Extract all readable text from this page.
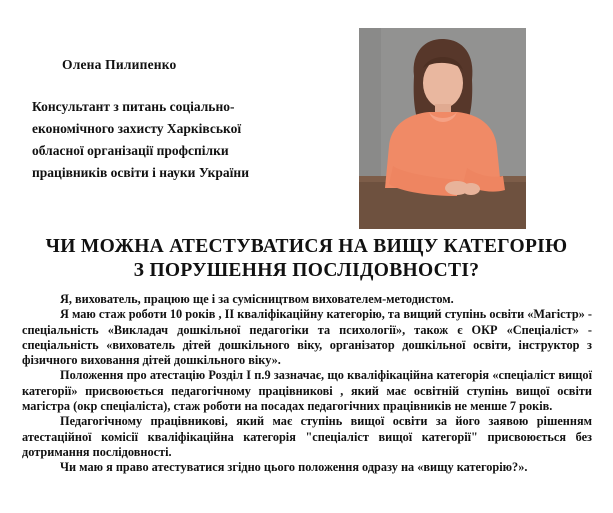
Олена Пилипенко
Консультант з питань соціально-економічного захисту Харківської обласної організації профспілки працівників освіти і науки України
ЧИ МОЖНА АТЕСТУВАТИСЯ НА ВИЩУ КАТЕГОРІЮ
З ПОРУШЕННЯ ПОСЛІДОВНОСТІ?

Я, вихователь, працюю ще і за сумісництвом вихователем-методистом.

Я маю стаж роботи 10 років , ІІ кваліфікаційну категорію, та вищий ступінь освіти «Магістр» - спеціальність «Викладач дошкільної педагогіки та психології», також є ОКР «Спеціаліст» - спеціальність «вихователь дітей дошкільного віку, організатор дошкільної освіти, інструктор з фізичного виховання дітей дошкільного віку».

Положення про атестацію Розділ І п.9 зазначає, що кваліфікаційна категорія «спеціаліст вищої категорії» присвоюється педагогічному працівникові , який має освітній ступінь вищої освіти магістра (окр спеціаліста), стаж роботи на посадах педагогічних працівників не менше 7 років.

Педагогічному працівникові, який має ступінь вищої освіти за його заявою рішенням атестаційної комісії кваліфікаційна категорія "спеціаліст вищої категорії" присвоюється без дотримання послідовності.

Чи маю я право атестуватися згідно цього положення одразу на «вищу категорію?».
